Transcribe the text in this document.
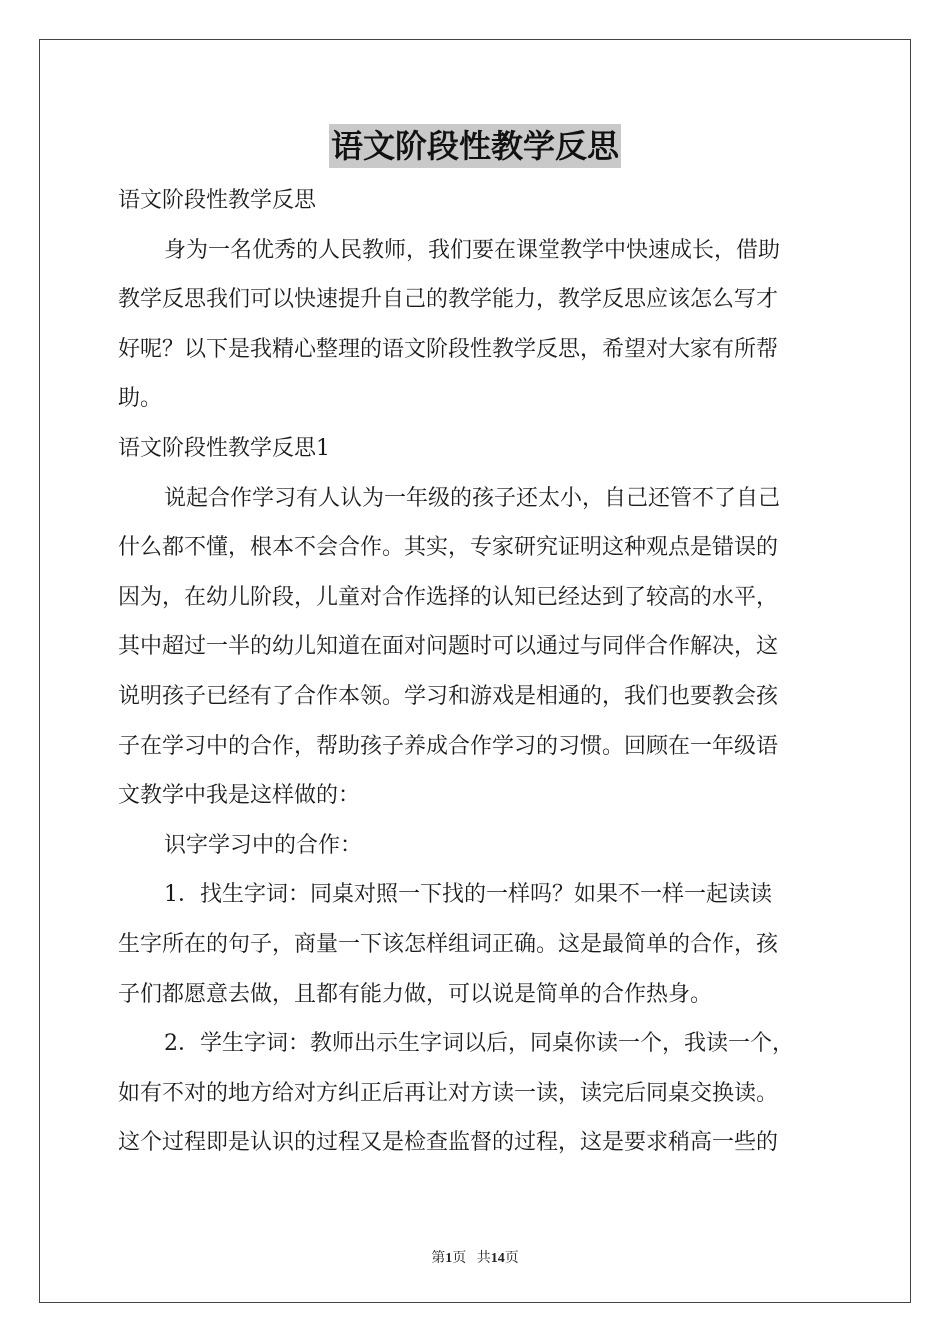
语文阶段性教学反思
语文阶段性教学反思
身为一名优秀的人民教师，我们要在课堂教学中快速成长，借助
教学反思我们可以快速提升自己的教学能力，教学反思应该怎么写才
好呢？以下是我精心整理的语文阶段性教学反思，希望对大家有所帮
助。
语文阶段性教学反思1
说起合作学习有人认为一年级的孩子还太小，自己还管不了自己
什么都不懂，根本不会合作。其实，专家研究证明这种观点是错误的
因为，在幼儿阶段，儿童对合作选择的认知已经达到了较高的水平，
其中超过一半的幼儿知道在面对问题时可以通过与同伴合作解决，这
说明孩子已经有了合作本领。学习和游戏是相通的，我们也要教会孩
子在学习中的合作，帮助孩子养成合作学习的习惯。回顾在一年级语
文教学中我是这样做的：
识字学习中的合作：
1．找生字词：同桌对照一下找的一样吗？如果不一样一起读读
生字所在的句子，商量一下该怎样组词正确。这是最简单的合作，孩
子们都愿意去做，且都有能力做，可以说是简单的合作热身。
2．学生字词：教师出示生字词以后，同桌你读一个，我读一个，
如有不对的地方给对方纠正后再让对方读一读，读完后同桌交换读。
这个过程即是认识的过程又是检查监督的过程，这是要求稍高一些的
第1页 共14页
